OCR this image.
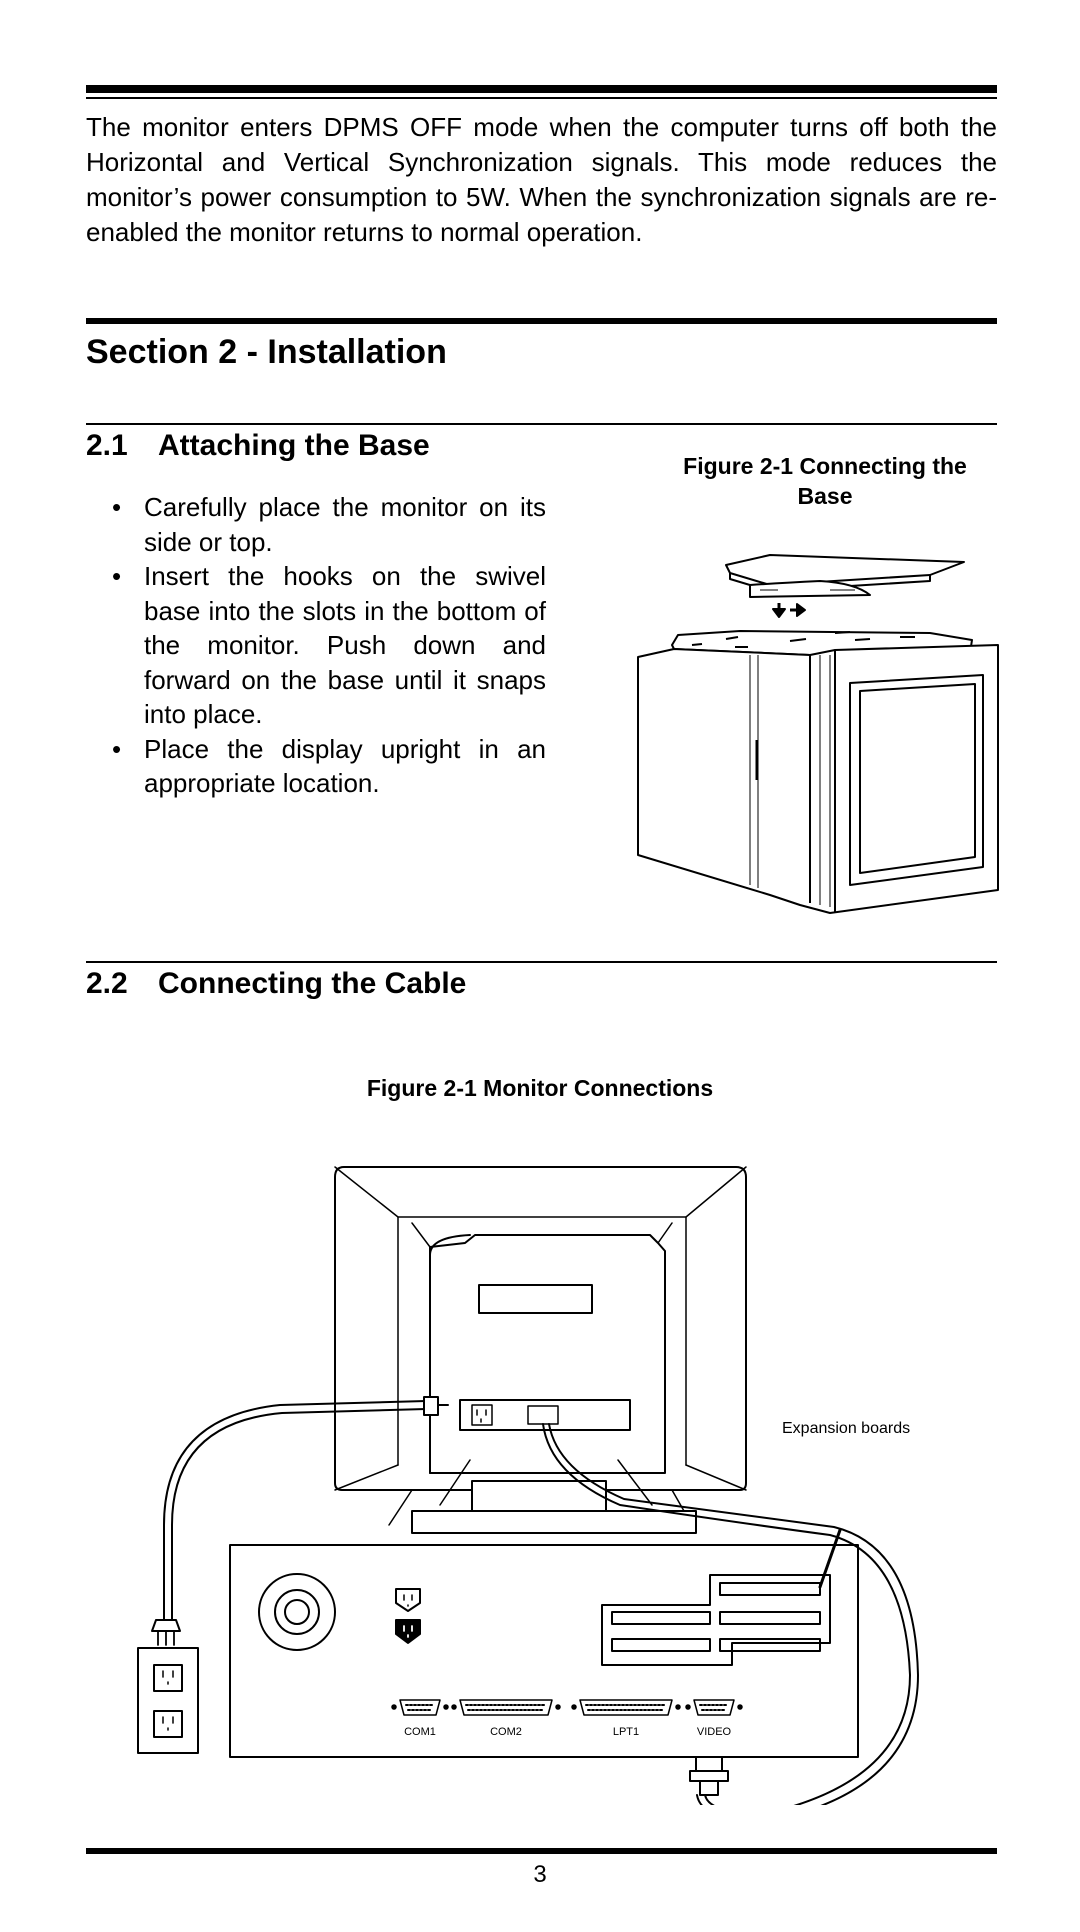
The monitor enters DPMS OFF mode when the computer turns off both the Horizontal and Vertical Synchronization signals. This mode reduces the monitor’s power consumption to 5W. When the synchronization signals are re-enabled the monitor returns to normal operation.

Section 2 - Installation
2.1 Attaching the Base
• Carefully place the monitor on its side or top.
• Insert the hooks on the swivel base into the slots in the bottom of the monitor. Push down and forward on the base until it snaps into place.
• Place the display upright in an appropriate location.
Figure 2-1 Connecting the
Base
2.2 Connecting the Cable
Figure 2-1 Monitor Connections
Expansion boards
COM1	COM2	LPT1	VIDEO
3
